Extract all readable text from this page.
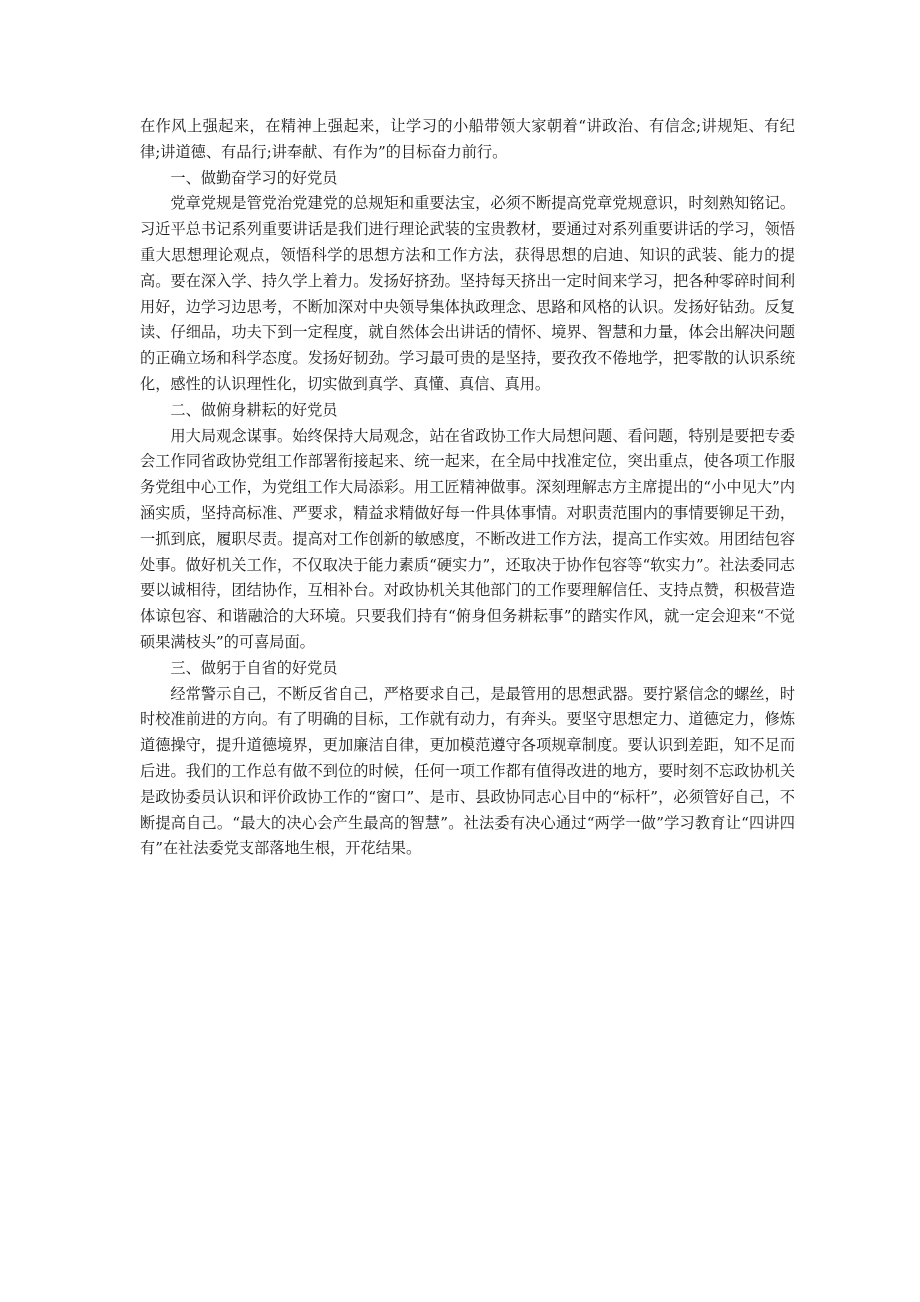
在作风上强起来，在精神上强起来，让学习的小船带领大家朝着“讲政治、有信念;讲规矩、有纪律;讲道德、有品行;讲奉献、有作为”的目标奋力前行。

一、做勤奋学习的好党员

党章党规是管党治党建党的总规矩和重要法宝，必须不断提高党章党规意识，时刻熟知铭记。习近平总书记系列重要讲话是我们进行理论武装的宝贵教材，要通过对系列重要讲话的学习，领悟重大思想理论观点，领悟科学的思想方法和工作方法，获得思想的启迪、知识的武装、能力的提高。要在深入学、持久学上着力。发扬好挤劲。坚持每天挤出一定时间来学习，把各种零碎时间利用好，边学习边思考，不断加深对中央领导集体执政理念、思路和风格的认识。发扬好钻劲。反复读、仔细品，功夫下到一定程度，就自然体会出讲话的情怀、境界、智慧和力量，体会出解决问题的正确立场和科学态度。发扬好韧劲。学习最可贵的是坚持，要孜孜不倦地学，把零散的认识系统化，感性的认识理性化，切实做到真学、真懂、真信、真用。

二、做俯身耕耘的好党员

用大局观念谋事。始终保持大局观念，站在省政协工作大局想问题、看问题，特别是要把专委会工作同省政协党组工作部署衔接起来、统一起来，在全局中找准定位，突出重点，使各项工作服务党组中心工作，为党组工作大局添彩。用工匠精神做事。深刻理解志方主席提出的“小中见大”内涵实质，坚持高标准、严要求，精益求精做好每一件具体事情。对职责范围内的事情要铆足干劲，一抓到底，履职尽责。提高对工作创新的敏感度，不断改进工作方法，提高工作实效。用团结包容处事。做好机关工作，不仅取决于能力素质“硬实力”，还取决于协作包容等“软实力”。社法委同志要以诚相待，团结协作，互相补台。对政协机关其他部门的工作要理解信任、支持点赞，积极营造体谅包容、和谐融洽的大环境。只要我们持有“俯身但务耕耘事”的踏实作风，就一定会迎来“不觉硕果满枝头”的可喜局面。

三、做躬于自省的好党员

经常警示自己，不断反省自己，严格要求自己，是最管用的思想武器。要拧紧信念的螺丝，时时校准前进的方向。有了明确的目标，工作就有动力，有奔头。要坚守思想定力、道德定力，修炼道德操守，提升道德境界，更加廉洁自律，更加模范遵守各项规章制度。要认识到差距，知不足而后进。我们的工作总有做不到位的时候，任何一项工作都有值得改进的地方，要时刻不忘政协机关是政协委员认识和评价政协工作的“窗口”、是市、县政协同志心目中的“标杆”，必须管好自己，不断提高自己。“最大的决心会产生最高的智慧”。社法委有决心通过“两学一做”学习教育让“四讲四有”在社法委党支部落地生根，开花结果。
